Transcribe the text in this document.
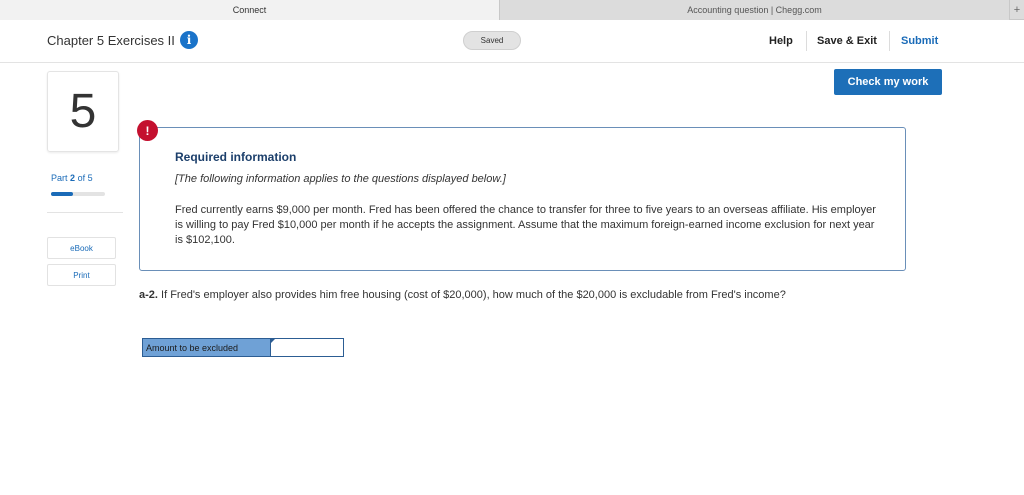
Connect	Accounting question | Chegg.com	+
Chapter 5 Exercises II i	Saved	Help Save & Exit Submit
5
Part 2 of 5
eBook
Print
Check my work
!
Required information
[The following information applies to the questions displayed below.]
Fred currently earns $9,000 per month. Fred has been offered the chance to transfer for three to five years to an overseas affiliate. His employer is willing to pay Fred $10,000 per month if he accepts the assignment. Assume that the maximum foreign-earned income exclusion for next year is $102,100.
a-2. If Fred's employer also provides him free housing (cost of $20,000), how much of the $20,000 is excludable from Fred's income?
Amount to be excluded
